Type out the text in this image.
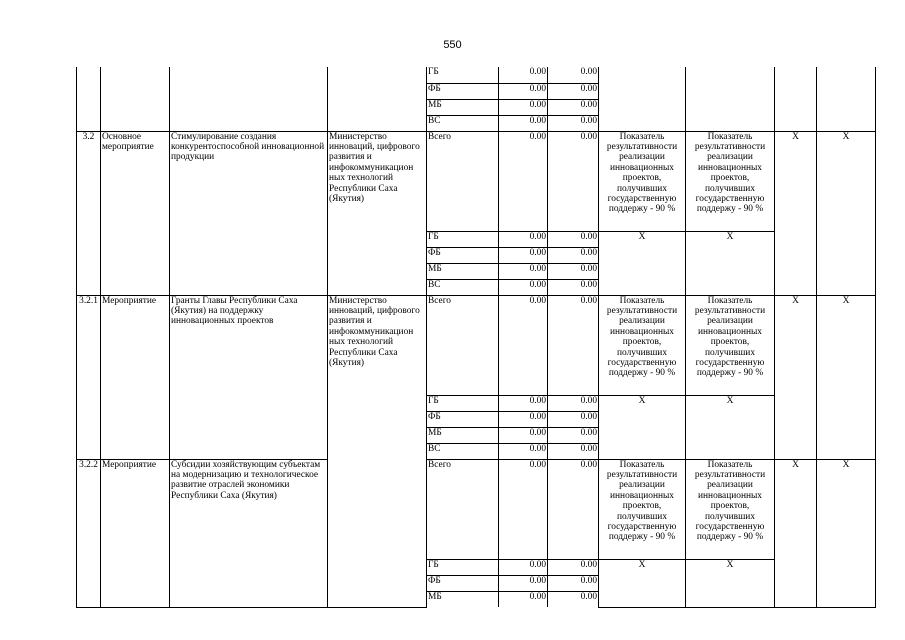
550
				ГБ	0.00	0.00				
				ФБ	0.00	0.00				
				МБ	0.00	0.00				
				ВС	0.00	0.00				
3.2	Основное мероприятие	Стимулирование создания конкурентоспособной инновационной продукции	Министерство инноваций, цифрового развития и инфокоммуникацион ных технологий Республики Саха (Якутия)	Всего	0.00	0.00	Показатель результативности реализации инновационных проектов, получивших государственную поддержу - 90 %	Показатель результативности реализации инновационных проектов, получивших государственную поддержу - 90 %	Х	Х
				ГБ	0.00	0.00	Х	Х		
				ФБ	0.00	0.00				
				МБ	0.00	0.00				
				ВС	0.00	0.00				
3.2.1	Мероприятие	Гранты Главы Республики Саха (Якутия) на поддержку инновационных проектов	Министерство инноваций, цифрового развития и инфокоммуникацион ных технологий Республики Саха (Якутия)	Всего	0.00	0.00	Показатель результативности реализации инновационных проектов, получивших государственную поддержу - 90 %	Показатель результативности реализации инновационных проектов, получивших государственную поддержу - 90 %	Х	Х
				ГБ	0.00	0.00	Х	Х		
				ФБ	0.00	0.00				
				МБ	0.00	0.00				
				ВС	0.00	0.00				
3.2.2	Мероприятие	Субсидии хозяйствующим субъектам на модернизацию и технологическое развитие отраслей экономики Республики Саха (Якутия)		Всего	0.00	0.00	Показатель результативности реализации инновационных проектов, получивших государственную поддержу - 90 %	Показатель результативности реализации инновационных проектов, получивших государственную поддержу - 90 %	Х	Х
				ГБ	0.00	0.00	Х	Х		
				ФБ	0.00	0.00				
				МБ	0.00	0.00				
